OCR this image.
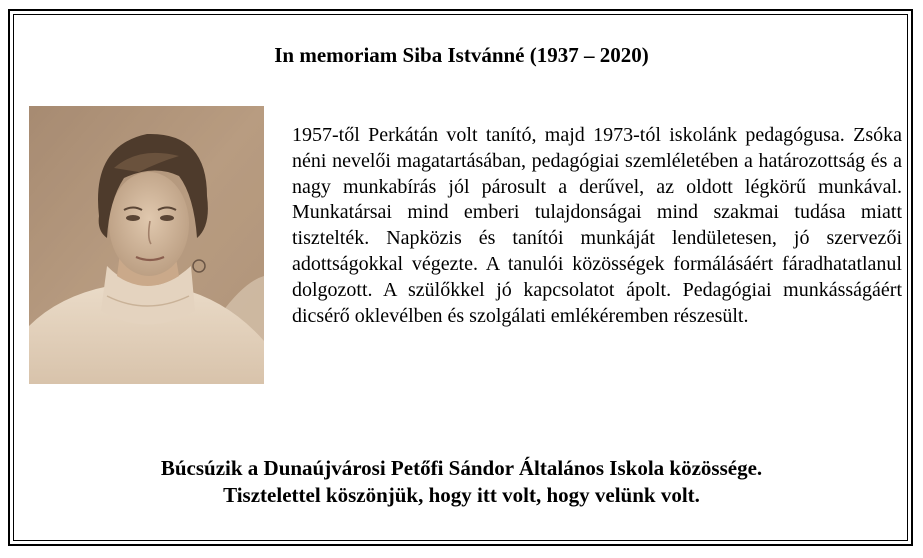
In memoriam Siba Istvánné (1937 – 2020)

1957-től Perkátán volt tanító, majd 1973-tól iskolánk pedagógusa. Zsóka néni nevelői magatartásában, pedagógiai szemléletében a határozottság és a nagy munkabírás jól párosult a derűvel, az oldott légkörű munkával. Munkatársai mind emberi tulajdonságai mind szakmai tudása miatt tisztelték. Napközis és tanítói munkáját lendületesen, jó szervezői adottságokkal végezte. A tanulói közösségek formálásáért fáradhatatlanul dolgozott. A szülőkkel jó kapcsolatot ápolt. Pedagógiai munkásságáért dicsérő oklevélben és szolgálati emlékéremben részesült.

Búcsúzik a Dunaújvárosi Petőfi Sándor Általános Iskola közössége.
Tisztelettel köszönjük, hogy itt volt, hogy velünk volt.
